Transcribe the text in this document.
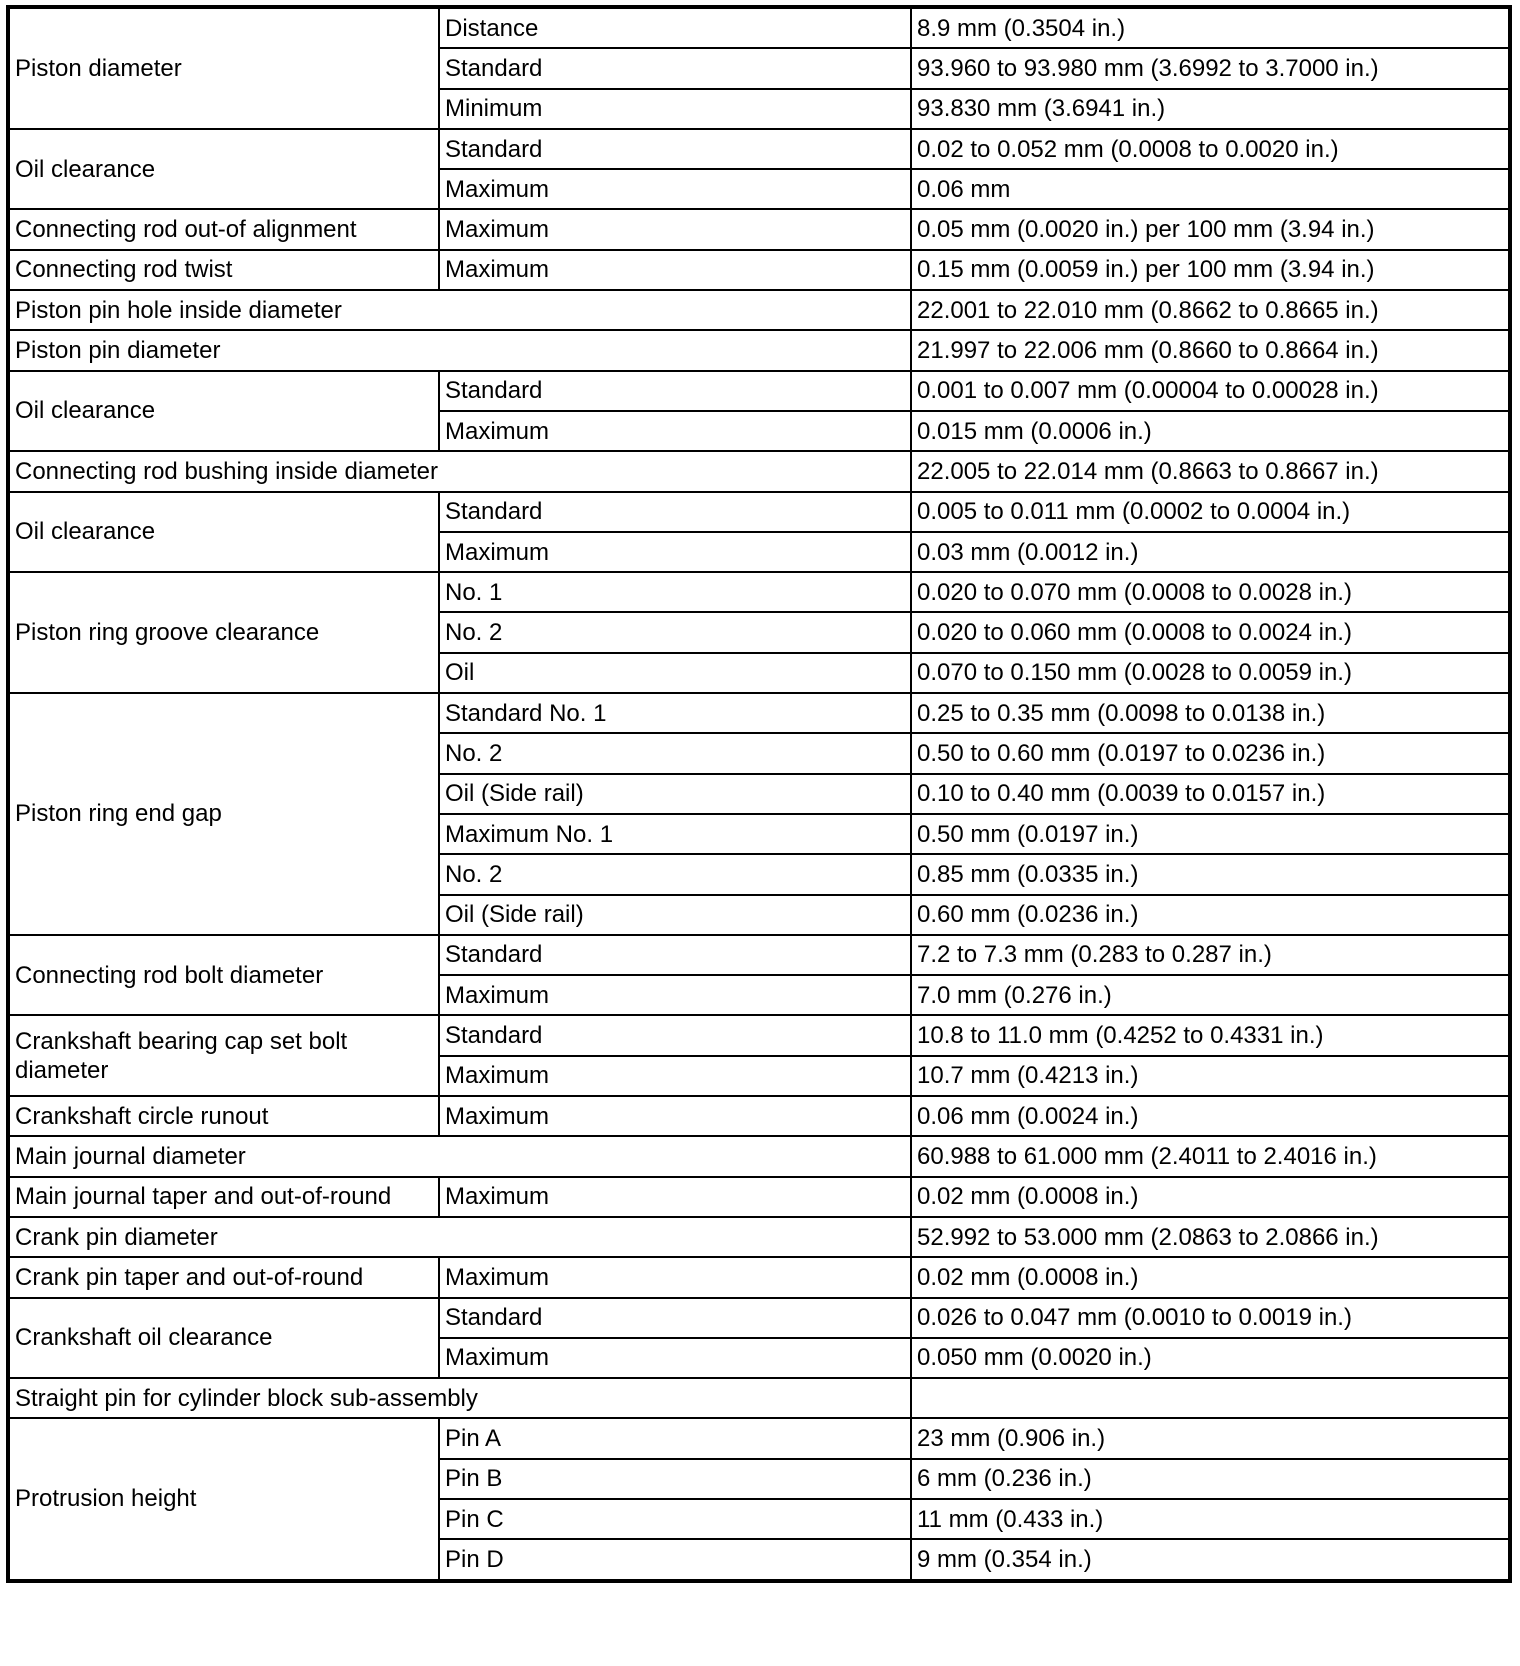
Piston diameter	Distance	8.9 mm (0.3504 in.)
	Standard	93.960 to 93.980 mm (3.6992 to 3.7000 in.)
	Minimum	93.830 mm (3.6941 in.)
Oil clearance	Standard	0.02 to 0.052 mm (0.0008 to 0.0020 in.)
	Maximum	0.06 mm
Connecting rod out-of alignment	Maximum	0.05 mm (0.0020 in.) per 100 mm (3.94 in.)
Connecting rod twist	Maximum	0.15 mm (0.0059 in.) per 100 mm (3.94 in.)
Piston pin hole inside diameter		22.001 to 22.010 mm (0.8662 to 0.8665 in.)
Piston pin diameter		21.997 to 22.006 mm (0.8660 to 0.8664 in.)
Oil clearance	Standard	0.001 to 0.007 mm (0.00004 to 0.00028 in.)
	Maximum	0.015 mm (0.0006 in.)
Connecting rod bushing inside diameter		22.005 to 22.014 mm (0.8663 to 0.8667 in.)
Oil clearance	Standard	0.005 to 0.011 mm (0.0002 to 0.0004 in.)
	Maximum	0.03 mm (0.0012 in.)
Piston ring groove clearance	No. 1	0.020 to 0.070 mm (0.0008 to 0.0028 in.)
	No. 2	0.020 to 0.060 mm (0.0008 to 0.0024 in.)
	Oil	0.070 to 0.150 mm (0.0028 to 0.0059 in.)
Piston ring end gap	Standard No. 1	0.25 to 0.35 mm (0.0098 to 0.0138 in.)
	No. 2	0.50 to 0.60 mm (0.0197 to 0.0236 in.)
	Oil (Side rail)	0.10 to 0.40 mm (0.0039 to 0.0157 in.)
	Maximum No. 1	0.50 mm (0.0197 in.)
	No. 2	0.85 mm (0.0335 in.)
	Oil (Side rail)	0.60 mm (0.0236 in.)
Connecting rod bolt diameter	Standard	7.2 to 7.3 mm (0.283 to 0.287 in.)
	Maximum	7.0 mm (0.276 in.)
Crankshaft bearing cap set bolt diameter	Standard	10.8 to 11.0 mm (0.4252 to 0.4331 in.)
	Maximum	10.7 mm (0.4213 in.)
Crankshaft circle runout	Maximum	0.06 mm (0.0024 in.)
Main journal diameter		60.988 to 61.000 mm (2.4011 to 2.4016 in.)
Main journal taper and out-of-round	Maximum	0.02 mm (0.0008 in.)
Crank pin diameter		52.992 to 53.000 mm (2.0863 to 2.0866 in.)
Crank pin taper and out-of-round	Maximum	0.02 mm (0.0008 in.)
Crankshaft oil clearance	Standard	0.026 to 0.047 mm (0.0010 to 0.0019 in.)
	Maximum	0.050 mm (0.0020 in.)
Straight pin for cylinder block sub-assembly		
Protrusion height	Pin A	23 mm (0.906 in.)
	Pin B	6 mm (0.236 in.)
	Pin C	11 mm (0.433 in.)
	Pin D	9 mm (0.354 in.)
